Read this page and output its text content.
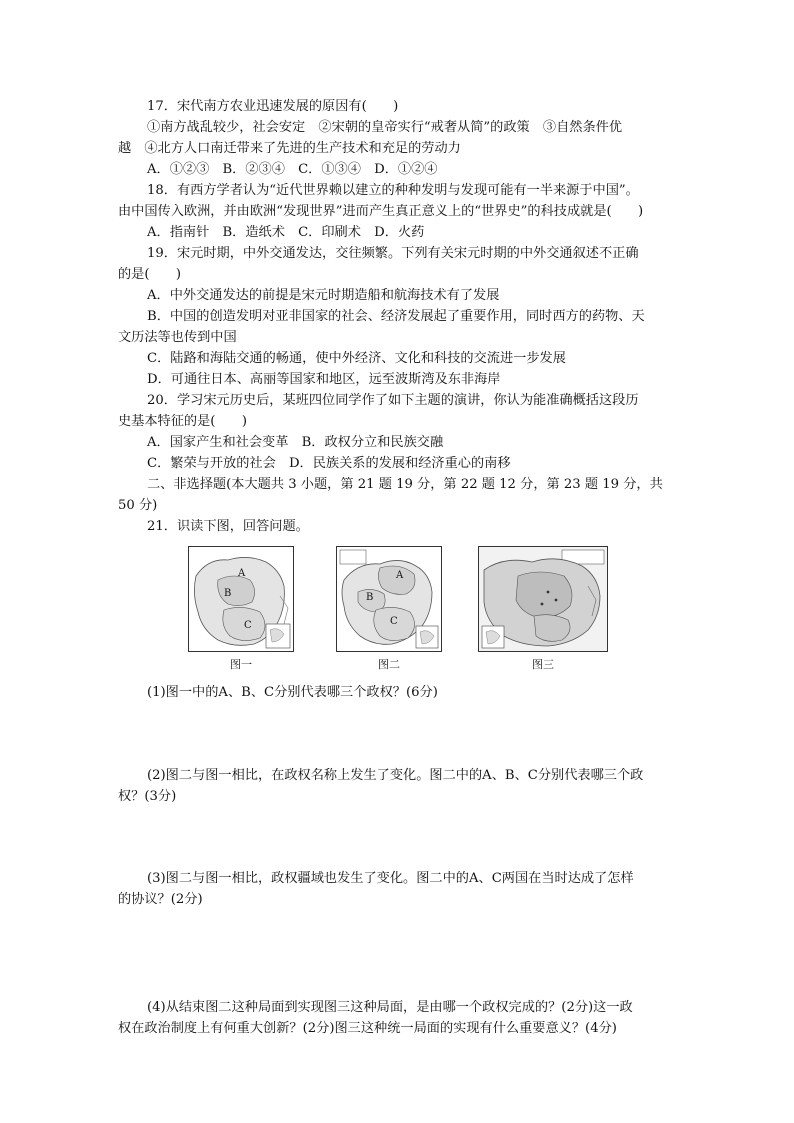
17．宋代南方农业迅速发展的原因有(　　)
①南方战乱较少，社会安定　②宋朝的皇帝实行“戒奢从简”的政策　③自然条件优
越　④北方人口南迁带来了先进的生产技术和充足的劳动力
A．①②③　B．②③④　C．①③④　D．①②④
18．有西方学者认为“近代世界赖以建立的种种发明与发现可能有一半来源于中国”。
由中国传入欧洲，并由欧洲“发现世界”进而产生真正意义上的“世界史”的科技成就是(　　)
A．指南针　B．造纸术　C．印刷术　D．火药
19．宋元时期，中外交通发达，交往频繁。下列有关宋元时期的中外交通叙述不正确
的是(　　)
A．中外交通发达的前提是宋元时期造船和航海技术有了发展
B．中国的创造发明对亚非国家的社会、经济发展起了重要作用，同时西方的药物、天
文历法等也传到中国
C．陆路和海陆交通的畅通，使中外经济、文化和科技的交流进一步发展
D．可通往日本、高丽等国家和地区，远至波斯湾及东非海岸
20．学习宋元历史后，某班四位同学作了如下主题的演讲，你认为能准确概括这段历
史基本特征的是(　　)
A．国家产生和社会变革　B．政权分立和民族交融
C．繁荣与开放的社会　D．民族关系的发展和经济重心的南移
二、非选择题(本大题共 3 小题，第 21 题 19 分，第 22 题 12 分，第 23 题 19 分，共
50 分)
21．识读下图，回答问题。
A
B
C
图一
A
B
C
图二	图三
(1)图一中的A、B、C分别代表哪三个政权？(6分)
(2)图二与图一相比，在政权名称上发生了变化。图二中的A、B、C分别代表哪三个政
权？(3分)
(3)图二与图一相比，政权疆域也发生了变化。图二中的A、C两国在当时达成了怎样
的协议？(2分)
(4)从结束图二这种局面到实现图三这种局面，是由哪一个政权完成的？(2分)这一政
权在政治制度上有何重大创新？(2分)图三这种统一局面的实现有什么重要意义？(4分)
